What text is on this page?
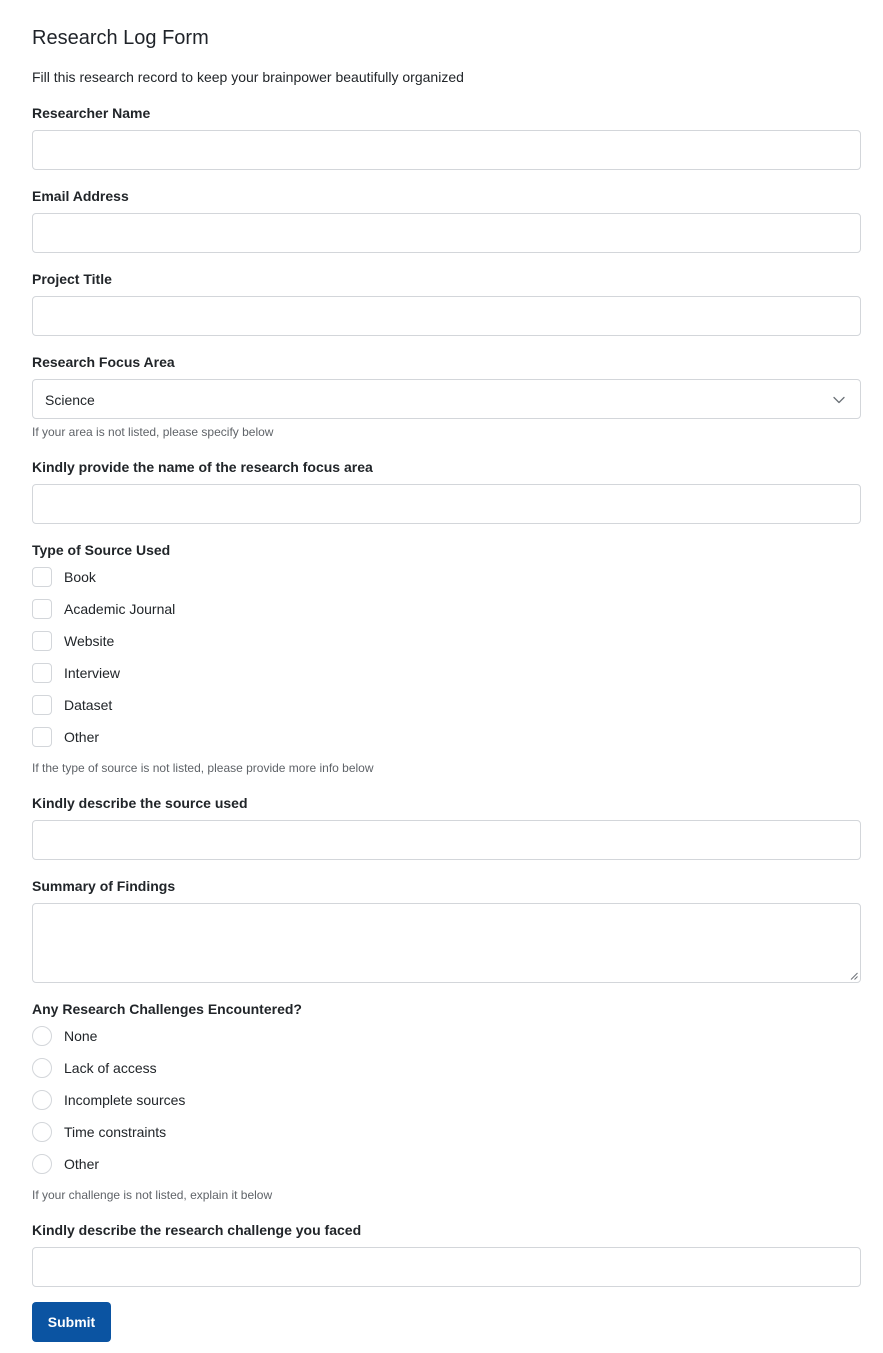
Research Log Form
Fill this research record to keep your brainpower beautifully organized
Researcher Name
Email Address
Project Title
Research Focus Area
Science
If your area is not listed, please specify below
Kindly provide the name of the research focus area
Type of Source Used
Book
Academic Journal
Website
Interview
Dataset
Other
If the type of source is not listed, please provide more info below
Kindly describe the source used
Summary of Findings
Any Research Challenges Encountered?
None
Lack of access
Incomplete sources
Time constraints
Other
If your challenge is not listed, explain it below
Kindly describe the research challenge you faced
Submit
